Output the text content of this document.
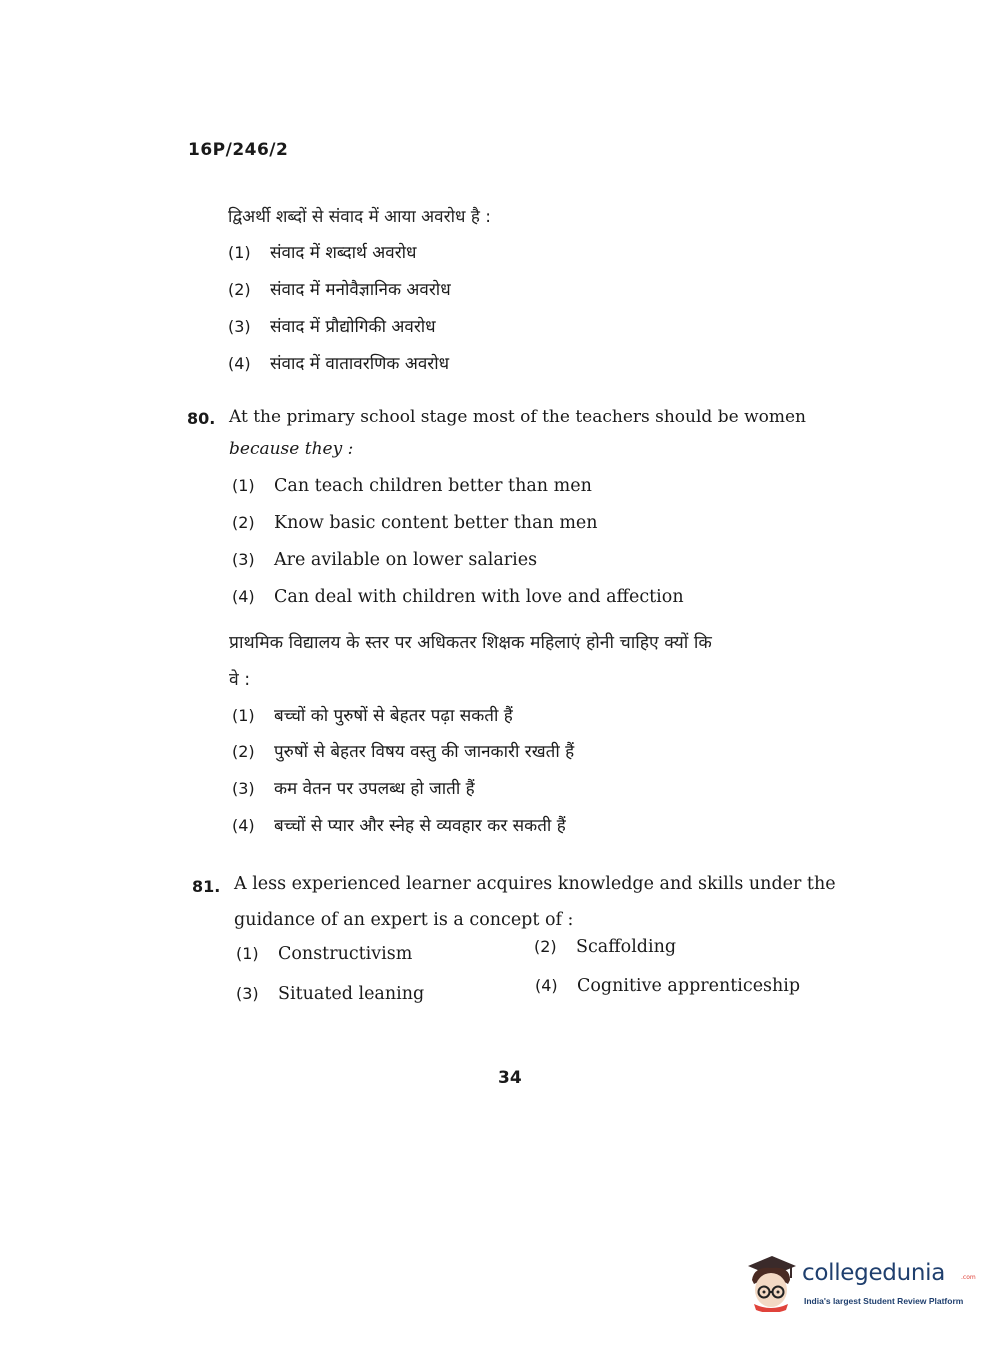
16P/246/2
द्विअर्थी शब्दों से संवाद में आया अवरोध है :
(1) संवाद में शब्दार्थ अवरोध
(2) संवाद में मनोवैज्ञानिक अवरोध
(3) संवाद में प्रौद्योगिकी अवरोध
(4) संवाद में वातावरणिक अवरोध
80. At the primary school stage most of the teachers should be women
because they :
(1) Can teach children better than men
(2) Know basic content better than men
(3) Are avilable on lower salaries
(4) Can deal with children with love and affection
प्राथमिक विद्यालय के स्तर पर अधिकतर शिक्षक महिलाएं होनी चाहिए क्यों कि
वे :
(1) बच्चों को पुरुषों से बेहतर पढ़ा सकती हैं
(2) पुरुषों से बेहतर विषय वस्तु की जानकारी रखती हैं
(3) कम वेतन पर उपलब्ध हो जाती हैं
(4) बच्चों से प्यार और स्नेह से व्यवहार कर सकती हैं
81. A less experienced learner acquires knowledge and skills under the
guidance of an expert is a concept of :
(1) Constructivism	(2) Scaffolding
(3) Situated leaning	(4) Cognitive apprenticeship
34
collegedunia	.com
India's largest Student Review Platform
